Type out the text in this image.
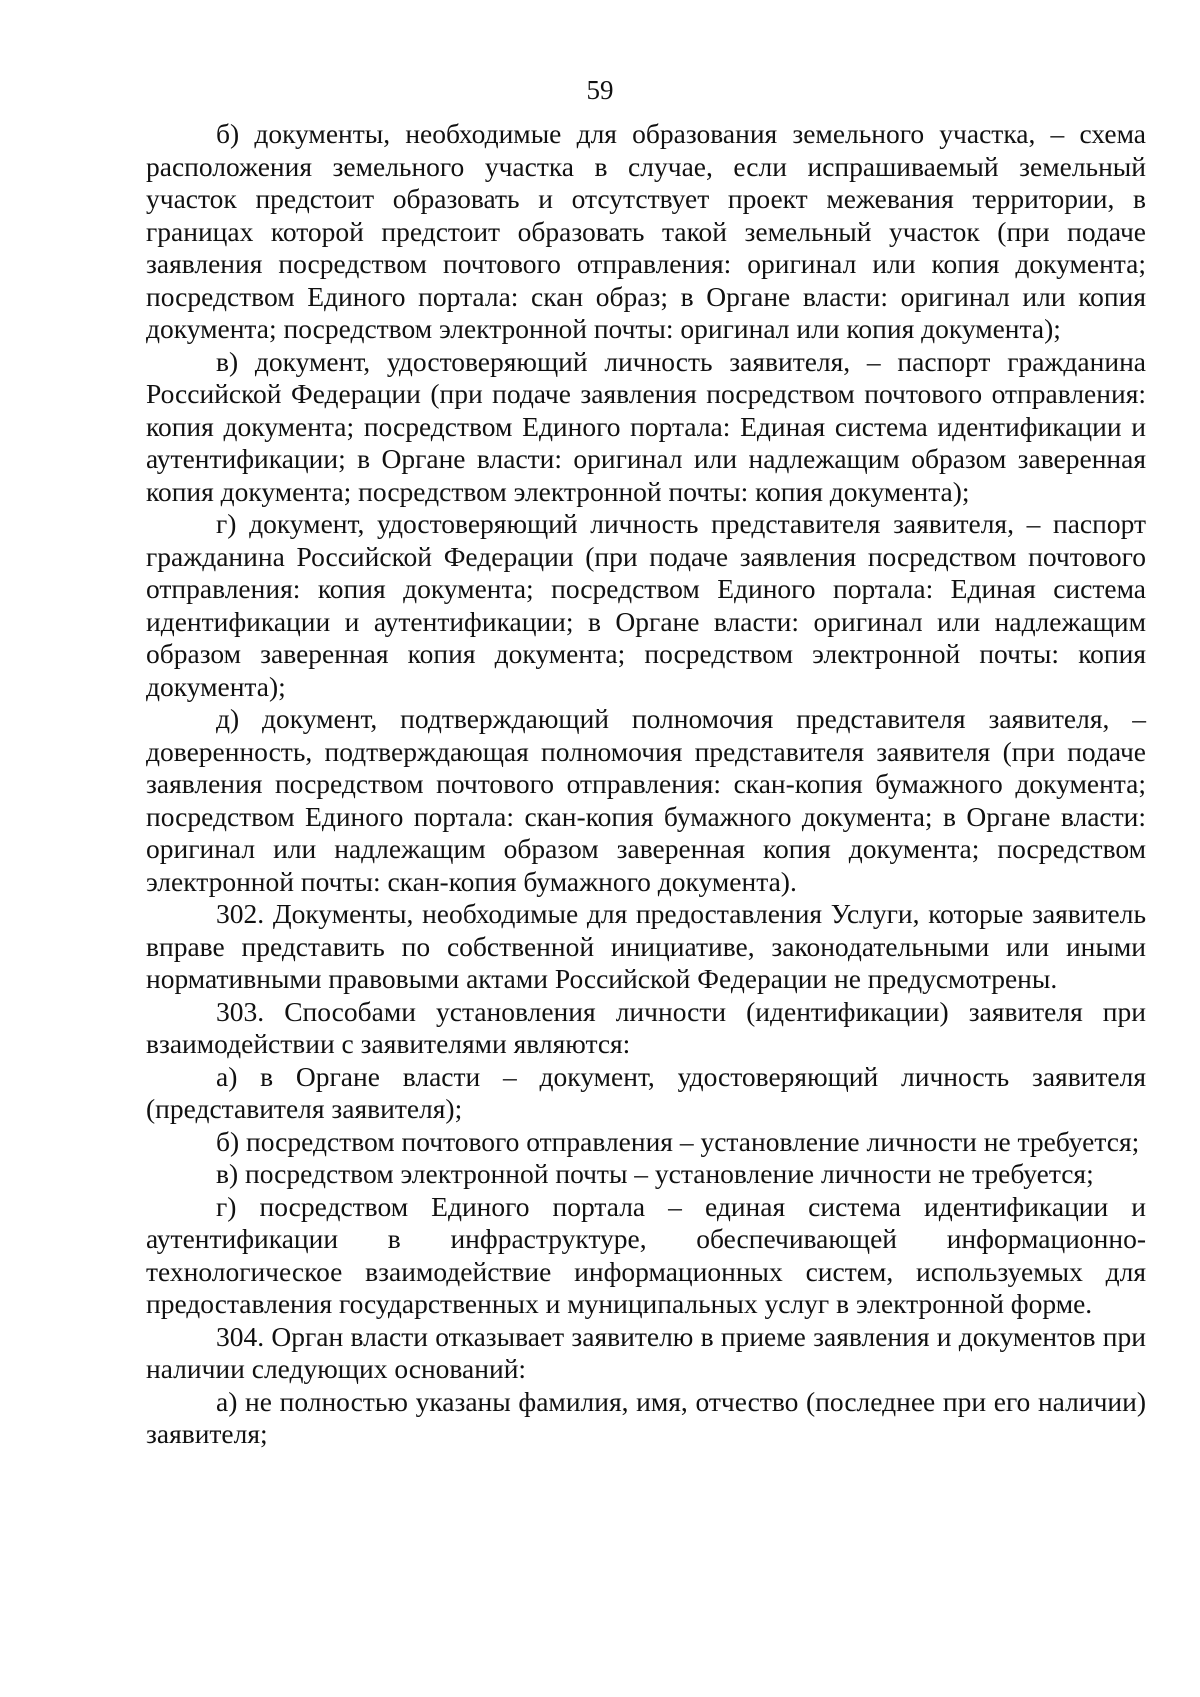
59

б) документы, необходимые для образования земельного участка, – схема расположения земельного участка в случае, если испрашиваемый земельный участок предстоит образовать и отсутствует проект межевания территории, в границах которой предстоит образовать такой земельный участок (при подаче заявления посредством почтового отправления: оригинал или копия документа; посредством Единого портала: скан образ; в Органе власти: оригинал или копия документа; посредством электронной почты: оригинал или копия документа);

в) документ, удостоверяющий личность заявителя, – паспорт гражданина Российской Федерации (при подаче заявления посредством почтового отправления: копия документа; посредством Единого портала: Единая система идентификации и аутентификации; в Органе власти: оригинал или надлежащим образом заверенная копия документа; посредством электронной почты: копия документа);

г) документ, удостоверяющий личность представителя заявителя, – паспорт гражданина Российской Федерации (при подаче заявления посредством почтового отправления: копия документа; посредством Единого портала: Единая система идентификации и аутентификации; в Органе власти: оригинал или надлежащим образом заверенная копия документа; посредством электронной почты: копия документа);

д) документ, подтверждающий полномочия представителя заявителя, – доверенность, подтверждающая полномочия представителя заявителя (при подаче заявления посредством почтового отправления: скан-копия бумажного документа; посредством Единого портала: скан-копия бумажного документа; в Органе власти: оригинал или надлежащим образом заверенная копия документа; посредством электронной почты: скан-копия бумажного документа).

302. Документы, необходимые для предоставления Услуги, которые заявитель вправе представить по собственной инициативе, законодательными или иными нормативными правовыми актами Российской Федерации не предусмотрены.

303. Способами установления личности (идентификации) заявителя при взаимодействии с заявителями являются:

а) в Органе власти – документ, удостоверяющий личность заявителя (представителя заявителя);

б) посредством почтового отправления – установление личности не требуется;

в) посредством электронной почты – установление личности не требуется;

г) посредством Единого портала – единая система идентификации и аутентификации в инфраструктуре, обеспечивающей информационно-технологическое взаимодействие информационных систем, используемых для предоставления государственных и муниципальных услуг в электронной форме.

304. Орган власти отказывает заявителю в приеме заявления и документов при наличии следующих оснований:

а) не полностью указаны фамилия, имя, отчество (последнее при его наличии) заявителя;
